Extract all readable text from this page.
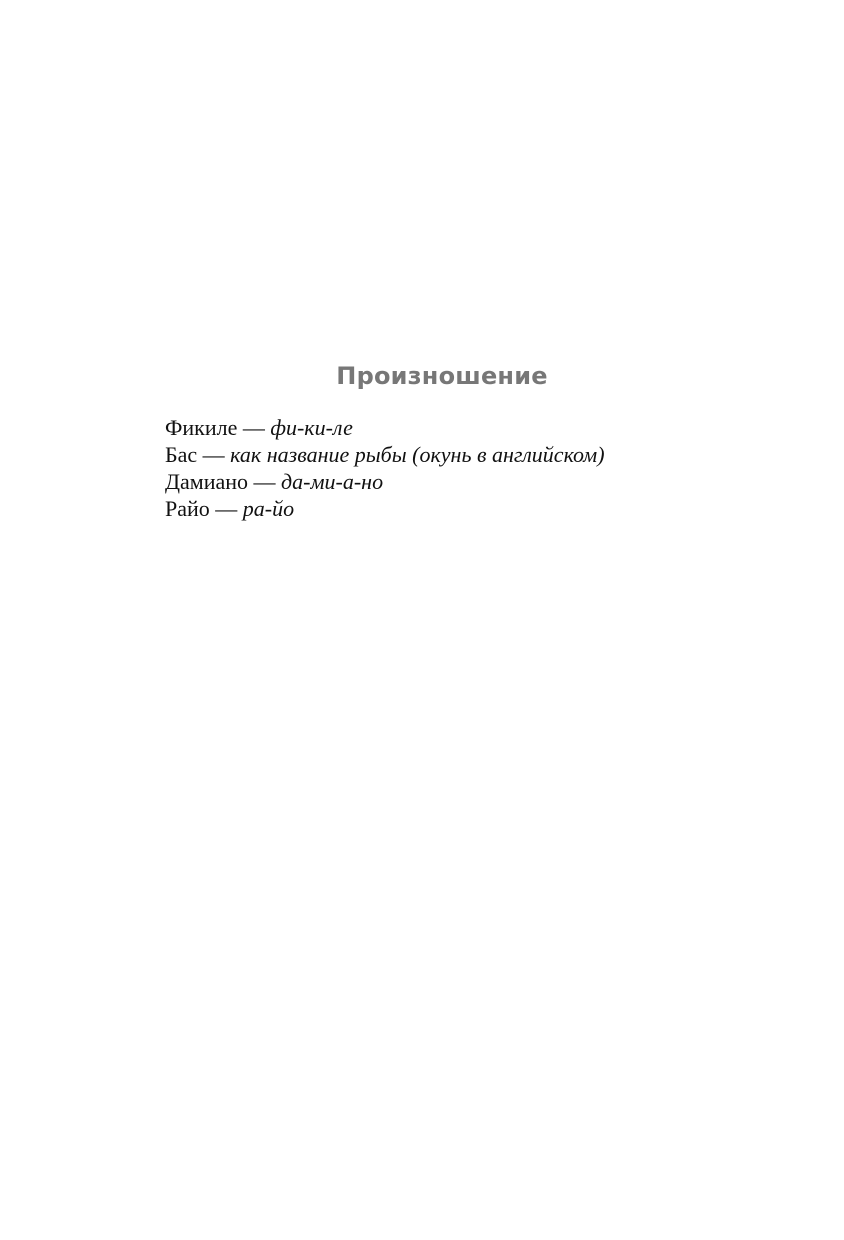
Произношение
Фикиле — фи-ки-ле
Бас — как название рыбы (окунь в английском)
Дамиано — да-ми-а-но
Райо — ра-йо
